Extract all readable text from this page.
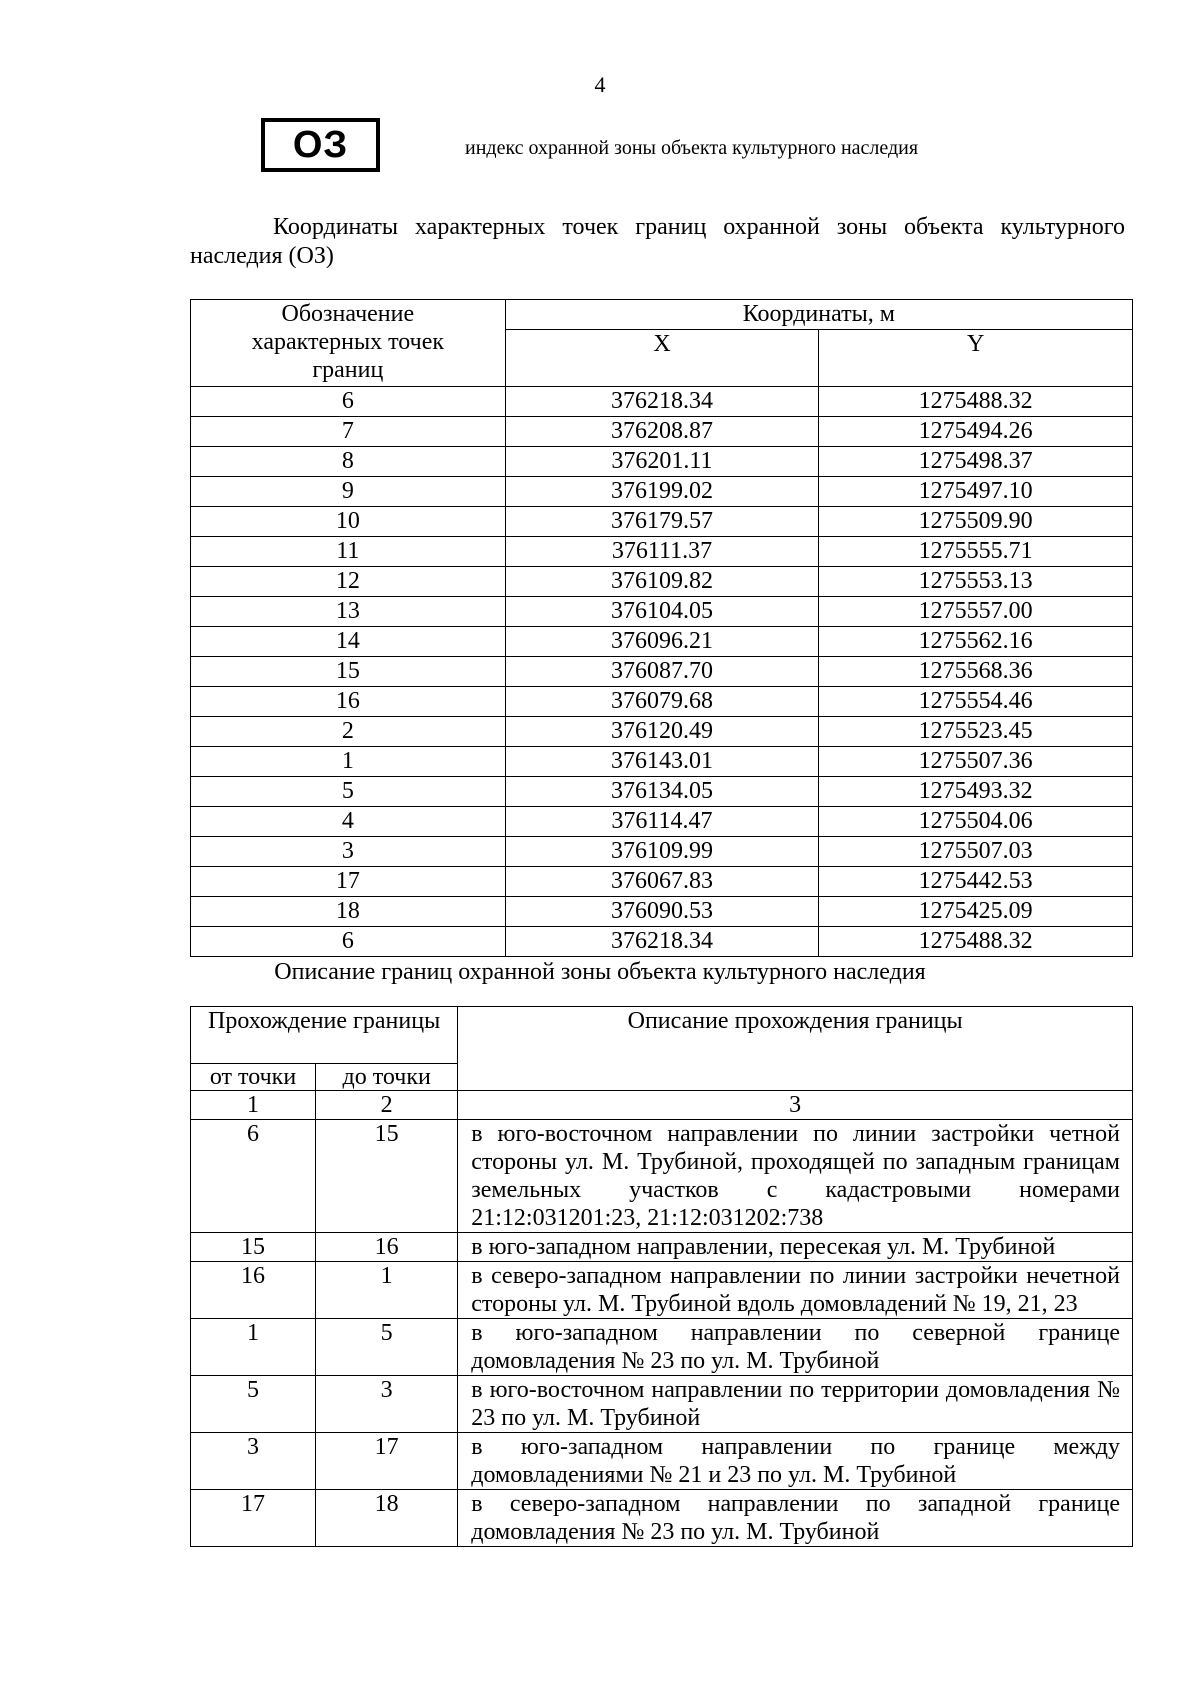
4
ОЗ	индекс охранной зоны объекта культурного наследия
Координаты характерных точек границ охранной зоны объекта культурного наследия (ОЗ)
Обозначение характерных точек границ	Координаты, м	
	X	Y
6	376218.34	1275488.32
7	376208.87	1275494.26
8	376201.11	1275498.37
9	376199.02	1275497.10
10	376179.57	1275509.90
11	376111.37	1275555.71
12	376109.82	1275553.13
13	376104.05	1275557.00
14	376096.21	1275562.16
15	376087.70	1275568.36
16	376079.68	1275554.46
2	376120.49	1275523.45
1	376143.01	1275507.36
5	376134.05	1275493.32
4	376114.47	1275504.06
3	376109.99	1275507.03
17	376067.83	1275442.53
18	376090.53	1275425.09
6	376218.34	1275488.32
Описание границ охранной зоны объекта культурного наследия
Прохождение границы		Описание прохождения границы
от точки	до точки	
1	2	3
6	15	в юго-восточном направлении по линии застройки четной стороны ул. М. Трубиной, проходящей по западным границам земельных участков с кадастровыми номерами 21:12:031201:23, 21:12:031202:738
15	16	в юго-западном направлении, пересекая ул. М. Трубиной
16	1	в северо-западном направлении по линии застройки нечетной стороны ул. М. Трубиной вдоль домовладений № 19, 21, 23
1	5	в юго-западном направлении по северной границе домовладения № 23 по ул. М. Трубиной
5	3	в юго-восточном направлении по территории домовладения № 23 по ул. М. Трубиной
3	17	в юго-западном направлении по границе между домовладениями № 21 и 23 по ул. М. Трубиной
17	18	в северо-западном направлении по западной границе домовладения № 23 по ул. М. Трубиной
